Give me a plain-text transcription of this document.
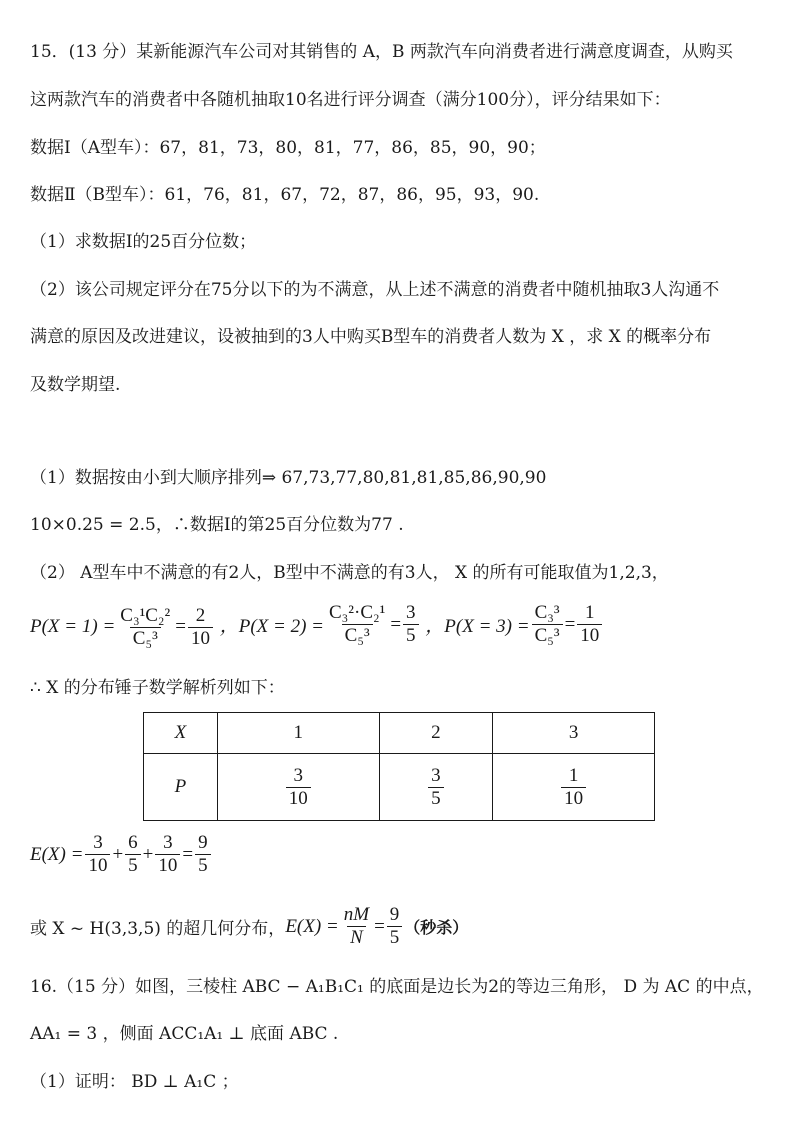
15．(13 分）某新能源汽车公司对其销售的 A，B 两款汽车向消费者进行满意度调查，从购买
这两款汽车的消费者中各随机抽取10名进行评分调查（满分100分），评分结果如下：
数据Ⅰ（A型车）：67，81，73，80，81，77，86，85，90，90；
数据Ⅱ（B型车）：61，76，81，67，72，87，86，95，93，90.
（1）求数据Ⅰ的25百分位数；
（2）该公司规定评分在75分以下的为不满意，从上述不满意的消费者中随机抽取3人沟通不
满意的原因及改进建议，设被抽到的3人中购买B型车的消费者人数为 X ，求 X 的概率分布
及数学期望.
（1）数据按由小到大顺序排列⇒ 67,73,77,80,81,81,85,86,90,90
10×0.25 = 2.5，∴数据Ⅰ的第25百分位数为77 .
（2） A型车中不满意的有2人，B型中不满意的有3人， X 的所有可能取值为1,2,3，
$P(X = 1) = \frac{\text{C₃¹C₂²}}{\text{C₅³}} = \frac{2}{10}$
，$P(X = 2) = \frac{\text{C₃²·C₂¹}}{\text{C₅³}} = \frac{3}{5}$
，$P(X = 3) = \frac{\text{C₃³}}{\text{C₅³}} = \frac{1}{10}$
∴ X 的分布锤子数学解析列如下：
X	1	2	3
P	$\frac{3}{10}$	$\frac{3}{5}$	$\frac{1}{10}$
$E(X) = \frac{3}{10} + \frac{6}{5} + \frac{3}{10} = \frac{9}{5}$
或 X ~ H(3,3,5) 的超几何分布， $E(X) = \frac{nM}{N} = \frac{9}{5}$ （秒杀）
16.（15 分）如图，三棱柱 ABC − A₁B₁C₁ 的底面是边长为2的等边三角形， D 为 AC 的中点，
AA₁ = 3 ，侧面 ACC₁A₁ ⊥ 底面 ABC .
（1）证明： BD ⊥ A₁C ；
